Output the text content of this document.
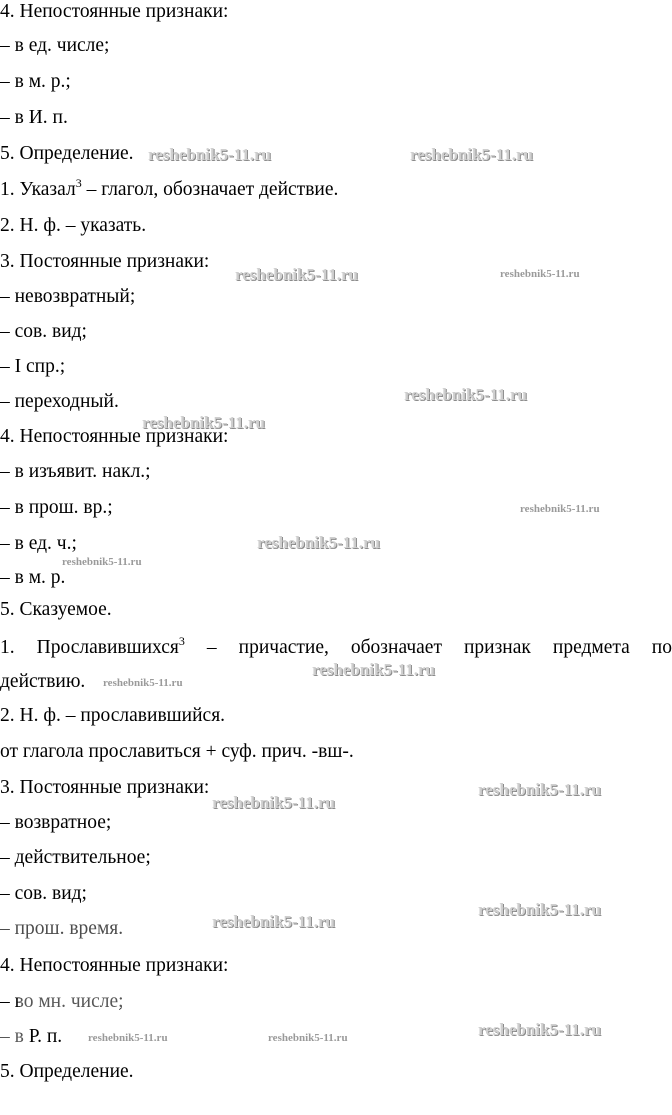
4. Непостоянные признаки:
– в ед. числе;
– в м. р.;
– в И. п.
5. Определение.
1. Указал$^3$ – глагол, обозначает действие.
2. Н. ф. – указать.
3. Постоянные признаки:
– невозвратный;
– сов. вид;
– I спр.;
– переходный.
4. Непостоянные признаки:
– в изъявит. накл.;
– в прош. вр.;
– в ед. ч.;
– в м. р.
5. Сказуемое.
1. Прославившихся$^3$ – причастие, обозначает признак предмета по
действию.
2. Н. ф. – прославившийся.
от глагола прославиться + суф. прич. -вш-.
3. Постоянные признаки:
– возвратное;
– действительное;
– сов. вид;
– прош. время.
4. Непостоянные признаки:
– во мн. числе;
– в Р. п.
5. Определение.
reshebnik5-11.ru	reshebnik5-11.ru
reshebnik5-11.ru	reshebnik5-11.ru
reshebnik5-11.ru
reshebnik5-11.ru
reshebnik5-11.ru
reshebnik5-11.ru
reshebnik5-11.ru
reshebnik5-11.ru
reshebnik5-11.ru
reshebnik5-11.ru
reshebnik5-11.ru
reshebnik5-11.ru
reshebnik5-11.ru
reshebnik5-11.ru
reshebnik5-11.ru	reshebnik5-11.ru
